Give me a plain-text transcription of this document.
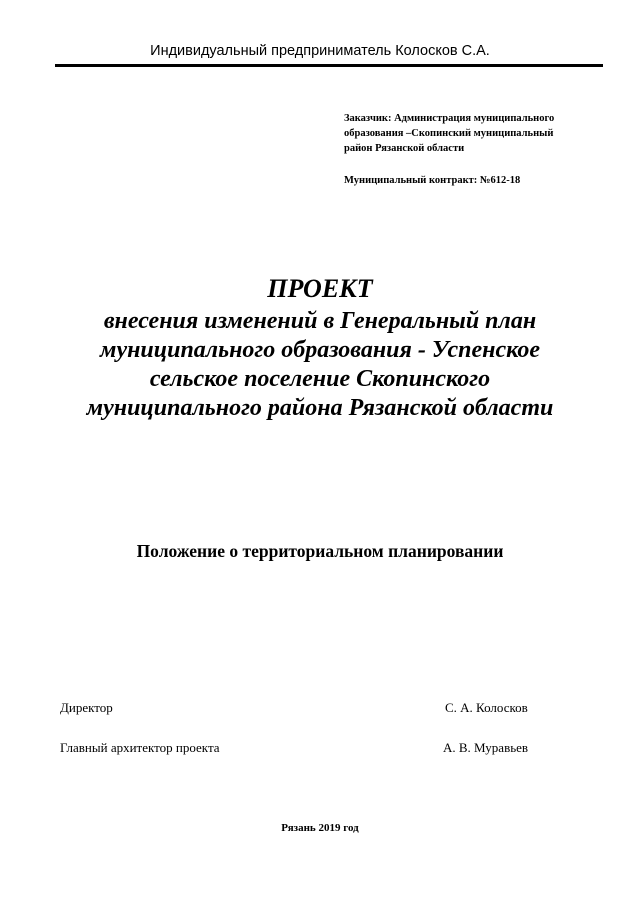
Индивидуальный предприниматель Колосков С.А.
Заказчик: Администрация муниципального
образования –Скопинский муниципальный
район Рязанской области
Муниципальный контракт: №612-18
ПРОЕКТ
внесения изменений в Генеральный план
муниципального образования - Успенское
сельское поселение Скопинского
муниципального района Рязанской области
Положение о территориальном планировании
Директор	С. А. Колосков
Главный архитектор проекта	А. В. Муравьев
Рязань 2019 год
